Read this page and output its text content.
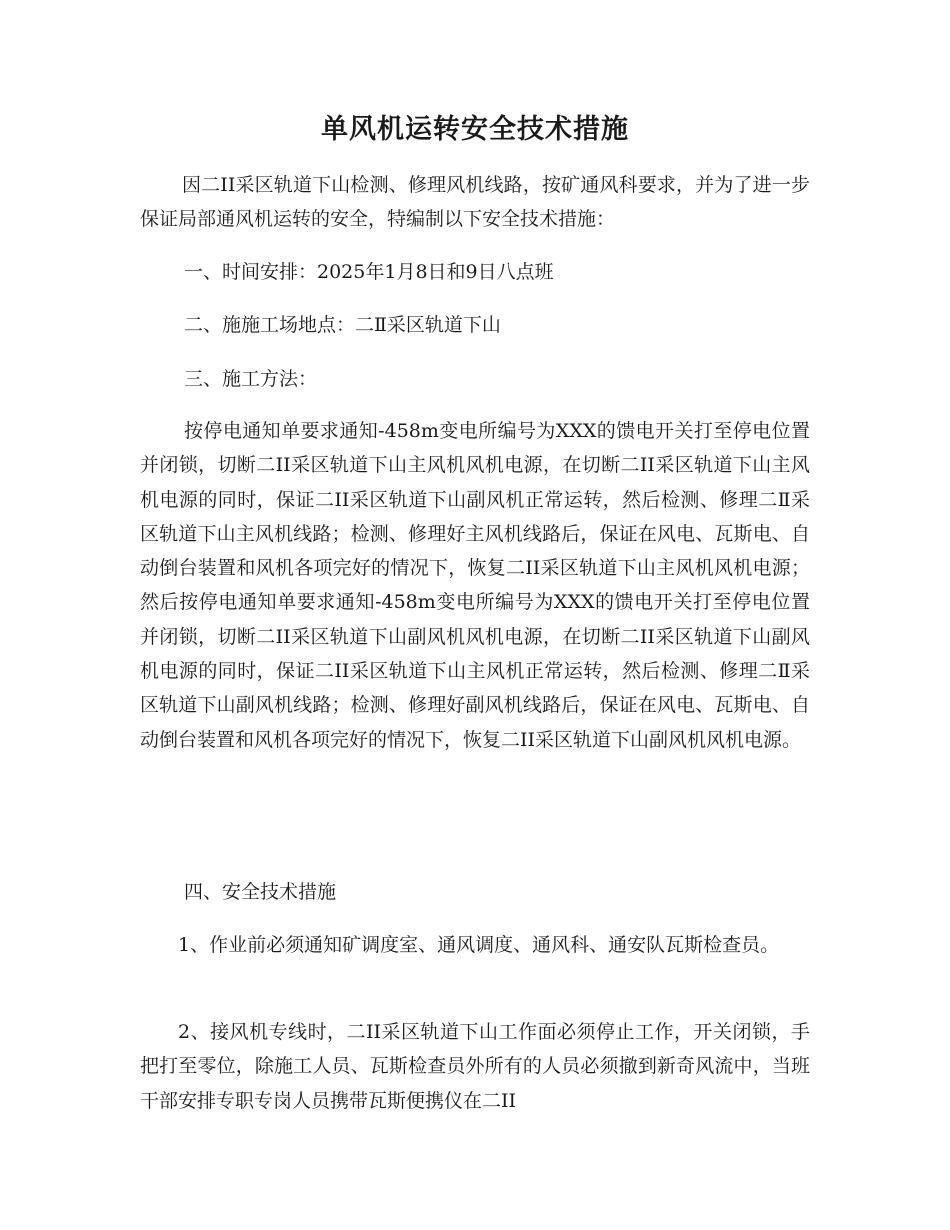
单风机运转安全技术措施

因二II采区轨道下山检测、修理风机线路，按矿通风科要求，并为了进一步保证局部通风机运转的安全，特编制以下安全技术措施：

一、时间安排：2025年1月8日和9日八点班

二、施施工场地点：二Ⅱ采区轨道下山

三、施工方法：

按停电通知单要求通知-458m变电所编号为XXX的馈电开关打至停电位置并闭锁，切断二II采区轨道下山主风机风机电源，在切断二II采区轨道下山主风机电源的同时，保证二II采区轨道下山副风机正常运转，然后检测、修理二Ⅱ采区轨道下山主风机线路；检测、修理好主风机线路后，保证在风电、瓦斯电、自动倒台装置和风机各项完好的情况下，恢复二II采区轨道下山主风机风机电源；然后按停电通知单要求通知-458m变电所编号为XXX的馈电开关打至停电位置并闭锁，切断二II采区轨道下山副风机风机电源，在切断二II采区轨道下山副风机电源的同时，保证二II采区轨道下山主风机正常运转，然后检测、修理二Ⅱ采区轨道下山副风机线路；检测、修理好副风机线路后，保证在风电、瓦斯电、自动倒台装置和风机各项完好的情况下，恢复二II采区轨道下山副风机风机电源。

四、安全技术措施

1、作业前必须通知矿调度室、通风调度、通风科、通安队瓦斯检查员。

2、接风机专线时，二II采区轨道下山工作面必须停止工作，开关闭锁，手把打至零位，除施工人员、瓦斯检查员外所有的人员必须撤到新奇风流中，当班干部安排专职专岗人员携带瓦斯便携仪在二II
